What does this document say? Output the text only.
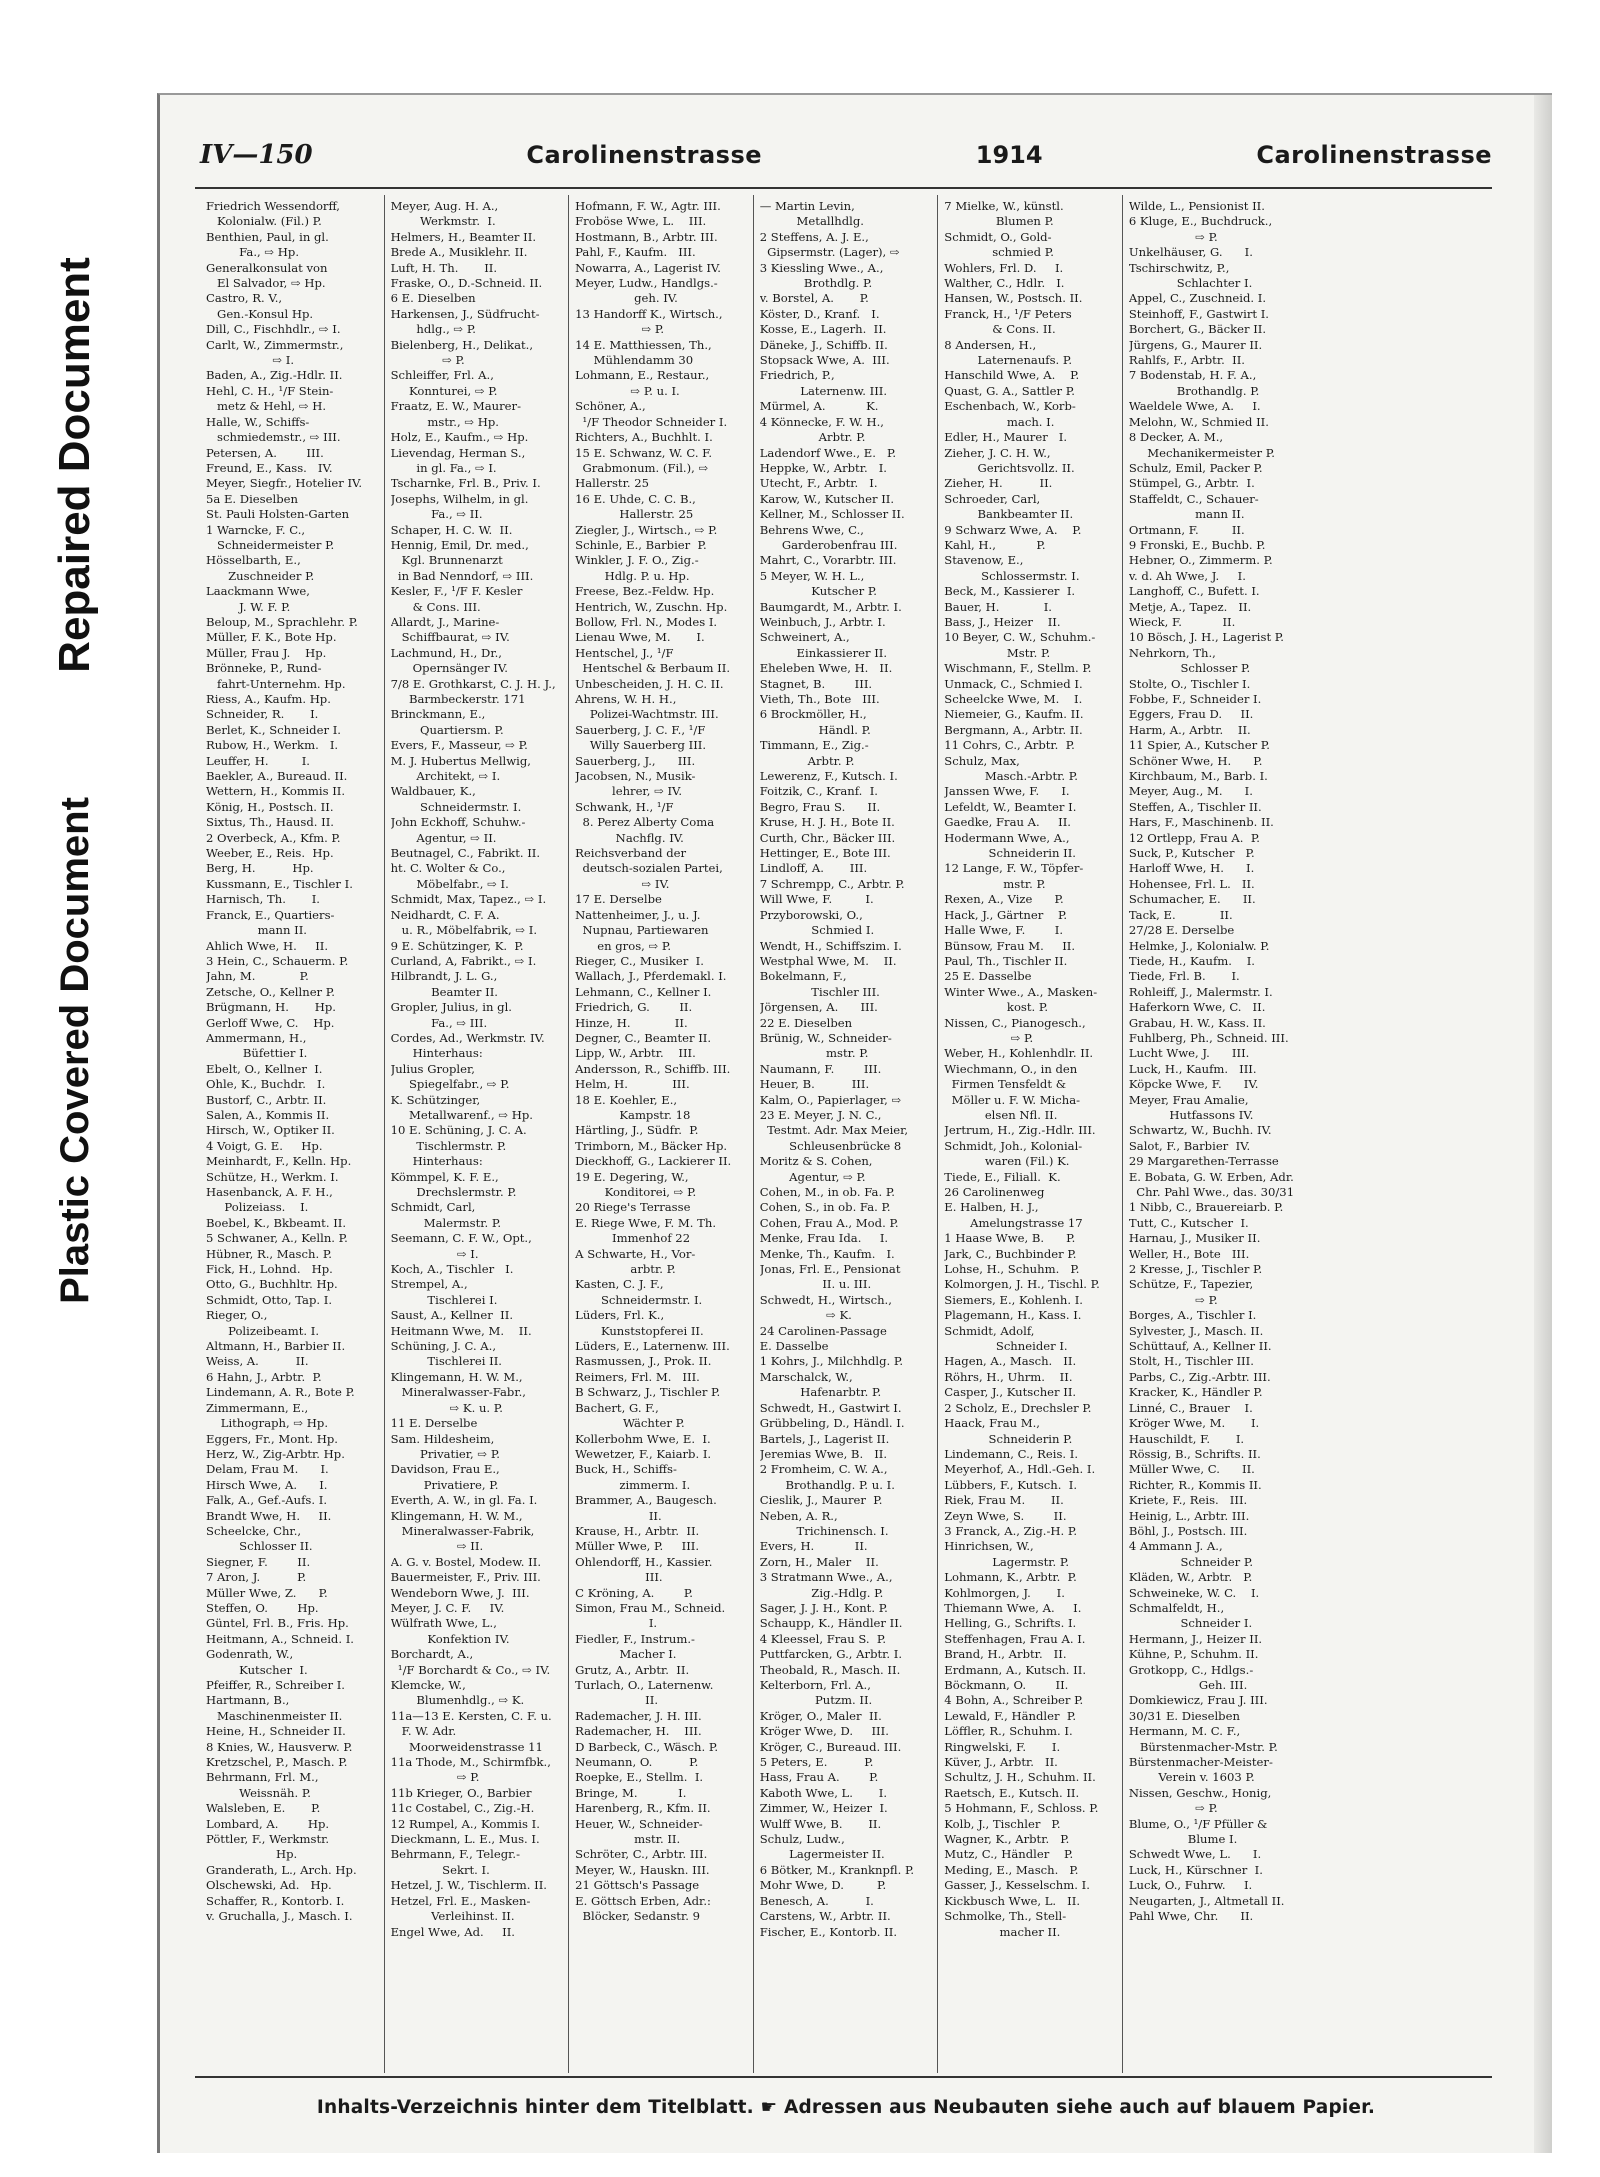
Repaired Document
Plastic Covered Document
IV—150	Carolinenstrasse	1914	Carolinenstrasse
Friedrich Wessendorff,
Kolonialw. (Fil.) P.
Benthien, Paul, in gl.
Fa., ⇨ Hp.
Generalkonsulat von
El Salvador, ⇨ Hp.
Castro, R. V.,
Gen.-Konsul Hp.
Dill, C., Fischhdlr., ⇨ I.
Carlt, W., Zimmermstr.,
⇨ I.
Baden, A., Zig.-Hdlr. II.
Hehl, C. H., ¹/F Stein-
metz & Hehl, ⇨ H.
Halle, W., Schiffs-
schmiedemstr., ⇨ III.
Petersen, A.        III.
Freund, E., Kass.   IV.
Meyer, Siegfr., Hotelier IV.
5a E. Dieselben
St. Pauli Holsten-Garten
1 Warncke, F. C.,
Schneidermeister P.
Hösselbarth, E.,
Zuschneider P.
Laackmann Wwe,
J. W. F. P.
Beloup, M., Sprachlehr. P.
Müller, F. K., Bote Hp.
Müller, Frau J.    Hp.
Brönneke, P., Rund-
fahrt-Unternehm. Hp.
Riess, A., Kaufm. Hp.
Schneider, R.       I.
Berlet, K., Schneider I.
Rubow, H., Werkm.   I.
Leuffer, H.         I.
Baekler, A., Bureaud. II.
Wettern, H., Kommis II.
König, H., Postsch. II.
Sixtus, Th., Hausd. II.
2 Overbeck, A., Kfm. P.
Weeber, E., Reis.  Hp.
Berg, H.          Hp.
Kussmann, E., Tischler I.
Harnisch, Th.       I.
Franck, E., Quartiers-
mann II.
Ahlich Wwe, H.     II.
3 Hein, C., Schauerm. P.
Jahn, M.            P.
Zetsche, O., Kellner P.
Brügmann, H.       Hp.
Gerloff Wwe, C.    Hp.
Ammermann, H.,
Büfettier I.
Ebelt, O., Kellner  I.
Ohle, K., Buchdr.   I.
Bustorf, C., Arbtr. II.
Salen, A., Kommis II.
Hirsch, W., Optiker II.
4 Voigt, G. E.     Hp.
Meinhardt, F., Kelln. Hp.
Schütze, H., Werkm. I.
Hasenbanck, A. F. H.,
Polizeiass.    I.
Boebel, K., Bkbeamt. II.
5 Schwaner, A., Kelln. P.
Hübner, R., Masch. P.
Fick, H., Lohnd.   Hp.
Otto, G., Buchhltr. Hp.
Schmidt, Otto, Tap. I.
Rieger, O.,
Polizeibeamt. I.
Altmann, H., Barbier II.
Weiss, A.          II.
6 Hahn, J., Arbtr.  P.
Lindemann, A. R., Bote P.
Zimmermann, E.,
Lithograph, ⇨ Hp.
Eggers, Fr., Mont. Hp.
Herz, W., Zig-Arbtr. Hp.
Delam, Frau M.      I.
Hirsch Wwe, A.      I.
Falk, A., Gef.-Aufs. I.
Brandt Wwe, H.     II.
Scheelcke, Chr.,
Schlosser II.
Siegner, F.        II.
7 Aron, J.          P.
Müller Wwe, Z.      P.
Steffen, O.        Hp.
Güntel, Frl. B., Fris. Hp.
Heitmann, A., Schneid. I.
Godenrath, W.,
Kutscher  I.
Pfeiffer, R., Schreiber I.
Hartmann, B.,
Maschinenmeister II.
Heine, H., Schneider II.
8 Knies, W., Hausverw. P.
Kretzschel, P., Masch. P.
Behrmann, Frl. M.,
Weissnäh. P.
Walsleben, E.       P.
Lombard, A.        Hp.
Pöttler, F., Werkmstr.
Hp.
Granderath, L., Arch. Hp.
Olschewski, Ad.   Hp.
Schaffer, R., Kontorb. I.
v. Gruchalla, J., Masch. I.
Meyer, Aug. H. A.,
Werkmstr.  I.
Helmers, H., Beamter II.
Brede A., Musiklehr. II.
Luft, H. Th.       II.
Fraske, O., D.-Schneid. II.
6 E. Dieselben
Harkensen, J., Südfrucht-
hdlg., ⇨ P.
Bielenberg, H., Delikat.,
⇨ P.
Schleiffer, Frl. A.,
Konnturei, ⇨ P.
Fraatz, E. W., Maurer-
mstr., ⇨ Hp.
Holz, E., Kaufm., ⇨ Hp.
Lievendag, Herman S.,
in gl. Fa., ⇨ I.
Tscharnke, Frl. B., Priv. I.
Josephs, Wilhelm, in gl.
Fa., ⇨ II.
Schaper, H. C. W.  II.
Hennig, Emil, Dr. med.,
Kgl. Brunnenarzt
in Bad Nenndorf, ⇨ III.
Kesler, F., ¹/F F. Kesler
& Cons. III.
Allardt, J., Marine-
Schiffbaurat, ⇨ IV.
Lachmund, H., Dr.,
Opernsänger IV.
7/8 E. Grothkarst, C. J. H. J.,
Barmbeckerstr. 171
Brinckmann, E.,
Quartiersm. P.
Evers, F., Masseur, ⇨ P.
M. J. Hubertus Mellwig,
Architekt, ⇨ I.
Waldbauer, K.,
Schneidermstr. I.
John Eckhoff, Schuhw.-
Agentur, ⇨ II.
Beutnagel, C., Fabrikt. II.
ht. C. Wolter & Co.,
Möbelfabr., ⇨ I.
Schmidt, Max, Tapez., ⇨ I.
Neidhardt, C. F. A.
u. R., Möbelfabrik, ⇨ I.
9 E. Schützinger, K.  P.
Curland, A, Fabrikt., ⇨ I.
Hilbrandt, J. L. G.,
Beamter II.
Gropler, Julius, in gl.
Fa., ⇨ III.
Cordes, Ad., Werkmstr. IV.
Hinterhaus:
Julius Gropler,
Spiegelfabr., ⇨ P.
K. Schützinger,
Metallwarenf., ⇨ Hp.
10 E. Schüning, J. C. A.
Tischlermstr. P.
Hinterhaus:
Kömmpel, K. F. E.,
Drechslermstr. P.
Schmidt, Carl,
Malermstr. P.
Seemann, C. F. W., Opt.,
⇨ I.
Koch, A., Tischler   I.
Strempel, A.,
Tischlerei I.
Saust, A., Kellner  II.
Heitmann Wwe, M.    II.
Schüning, J. C. A.,
Tischlerei II.
Klingemann, H. W. M.,
Mineralwasser-Fabr.,
⇨ K. u. P.
11 E. Derselbe
Sam. Hildesheim,
Privatier, ⇨ P.
Davidson, Frau E.,
Privatiere, P.
Everth, A. W., in gl. Fa. I.
Klingemann, H. W. M.,
Mineralwasser-Fabrik,
⇨ II.
A. G. v. Bostel, Modew. II.
Bauermeister, F., Priv. III.
Wendeborn Wwe, J.  III.
Meyer, J. C. F.     IV.
Wülfrath Wwe, L.,
Konfektion IV.
Borchardt, A.,
¹/F Borchardt & Co., ⇨ IV.
Klemcke, W.,
Blumenhdlg., ⇨ K.
11a—13 E. Kersten, C. F. u.
F. W. Adr.
Moorweidenstrasse 11
11a Thode, M., Schirmfbk.,
⇨ P.
11b Krieger, O., Barbier
11c Costabel, C., Zig.-H.
12 Rumpel, A., Kommis I.
Dieckmann, L. E., Mus. I.
Behrmann, F., Telegr.-
Sekrt. I.
Hetzel, J. W., Tischlerm. II.
Hetzel, Frl. E., Masken-
Verleihinst. II.
Engel Wwe, Ad.     II.
Hofmann, F. W., Agtr. III.
Froböse Wwe, L.    III.
Hostmann, B., Arbtr. III.
Pahl, F., Kaufm.   III.
Nowarra, A., Lagerist IV.
Meyer, Ludw., Handlgs.-
geh. IV.
13 Handorff K., Wirtsch.,
⇨ P.
14 E. Matthiessen, Th.,
Mühlendamm 30
Lohmann, E., Restaur.,
⇨ P. u. I.
Schöner, A.,
¹/F Theodor Schneider I.
Richters, A., Buchhlt. I.
15 E. Schwanz, W. C. F.
Grabmonum. (Fil.), ⇨
Hallerstr. 25
16 E. Uhde, C. C. B.,
Hallerstr. 25
Ziegler, J., Wirtsch., ⇨ P.
Schinle, E., Barbier  P.
Winkler, J. F. O., Zig.-
Hdlg. P. u. Hp.
Freese, Bez.-Feldw. Hp.
Hentrich, W., Zuschn. Hp.
Bollow, Frl. N., Modes I.
Lienau Wwe, M.       I.
Hentschel, J., ¹/F
Hentschel & Berbaum II.
Unbescheiden, J. H. C. II.
Ahrens, W. H. H.,
Polizei-Wachtmstr. III.
Sauerberg, J. C. F., ¹/F
Willy Sauerberg III.
Sauerberg, J.,      III.
Jacobsen, N., Musik-
lehrer, ⇨ IV.
Schwank, H., ¹/F
8. Perez Alberty Coma
Nachflg. IV.
Reichsverband der
deutsch-sozialen Partei,
⇨ IV.
17 E. Derselbe
Nattenheimer, J., u. J.
Nupnau, Partiewaren
en gros, ⇨ P.
Rieger, C., Musiker  I.
Wallach, J., Pferdemakl. I.
Lehmann, C., Kellner I.
Friedrich, G.        II.
Hinze, H.            II.
Degner, C., Beamter II.
Lipp, W., Arbtr.    III.
Andersson, R., Schiffb. III.
Helm, H.            III.
18 E. Koehler, E.,
Kampstr. 18
Härtling, J., Südfr.  P.
Trimborn, M., Bäcker Hp.
Dieckhoff, G., Lackierer II.
19 E. Degering, W.,
Konditorei, ⇨ P.
20 Riege's Terrasse
E. Riege Wwe, F. M. Th.
Immenhof 22
A Schwarte, H., Vor-
arbtr. P.
Kasten, C. J. F.,
Schneidermstr. I.
Lüders, Frl. K.,
Kunststopferei II.
Lüders, E., Laternenw. III.
Rasmussen, J., Prok. II.
Reimers, Frl. M.   III.
B Schwarz, J., Tischler P.
Bachert, G. F.,
Wächter P.
Kollerbohm Wwe, E.  I.
Wewetzer, F., Kaiarb. I.
Buck, H., Schiffs-
zimmerm. I.
Brammer, A., Baugesch.
II.
Krause, H., Arbtr.  II.
Müller Wwe, P.     III.
Ohlendorff, H., Kassier.
III.
C Kröning, A.        P.
Simon, Frau M., Schneid.
I.
Fiedler, F., Instrum.-
Macher I.
Grutz, A., Arbtr.  II.
Turlach, O., Laternenw.
II.
Rademacher, J. H. III.
Rademacher, H.    III.
D Barbeck, C., Wäsch. P.
Neumann, O.          P.
Roepke, E., Stellm.  I.
Bringe, M.           I.
Harenberg, R., Kfm. II.
Heuer, W., Schneider-
mstr. II.
Schröter, C., Arbtr. III.
Meyer, W., Hauskn. III.
21 Göttsch's Passage
E. Göttsch Erben, Adr.:
Blöcker, Sedanstr. 9
— Martin Levin,
Metallhdlg.
2 Steffens, A. J. E.,
Gipsermstr. (Lager), ⇨
3 Kiessling Wwe., A.,
Brothdlg. P.
v. Borstel, A.       P.
Köster, D., Kranf.   I.
Kosse, E., Lagerh.  II.
Däneke, J., Schiffb. II.
Stopsack Wwe, A.  III.
Friedrich, P.,
Laternenw. III.
Mürmel, A.           K.
4 Könnecke, F. W. H.,
Arbtr. P.
Ladendorf Wwe., E.   P.
Heppke, W., Arbtr.   I.
Utecht, F., Arbtr.   I.
Karow, W., Kutscher II.
Kellner, M., Schlosser II.
Behrens Wwe, C.,
Garderobenfrau III.
Mahrt, C., Vorarbtr. III.
5 Meyer, W. H. L.,
Kutscher P.
Baumgardt, M., Arbtr. I.
Weinbuch, J., Arbtr. I.
Schweinert, A.,
Einkassierer II.
Eheleben Wwe, H.   II.
Stagnet, B.        III.
Vieth, Th., Bote   III.
6 Brockmöller, H.,
Händl. P.
Timmann, E., Zig.-
Arbtr. P.
Lewerenz, F., Kutsch. I.
Foitzik, C., Kranf.  I.
Begro, Frau S.      II.
Kruse, H. J. H., Bote II.
Curth, Chr., Bäcker III.
Hettinger, E., Bote III.
Lindloff, A.       III.
7 Schrempp, C., Arbtr. P.
Will Wwe, F.         I.
Przyborowski, O.,
Schmied I.
Wendt, H., Schiffszim. I.
Westphal Wwe, M.    II.
Bokelmann, F.,
Tischler III.
Jörgensen, A.      III.
22 E. Dieselben
Brünig, W., Schneider-
mstr. P.
Naumann, F.        III.
Heuer, B.          III.
Kalm, O., Papierlager, ⇨
23 E. Meyer, J. N. C.,
Testmt. Adr. Max Meier,
Schleusenbrücke 8
Moritz & S. Cohen,
Agentur, ⇨ P.
Cohen, M., in ob. Fa. P.
Cohen, S., in ob. Fa. P.
Cohen, Frau A., Mod. P.
Menke, Frau Ida.     I.
Menke, Th., Kaufm.   I.
Jonas, Frl. E., Pensionat
II. u. III.
Schwedt, H., Wirtsch.,
⇨ K.
24 Carolinen-Passage
E. Dasselbe
1 Kohrs, J., Milchhdlg. P.
Marschalck, W.,
Hafenarbtr. P.
Schwedt, H., Gastwirt I.
Grübbeling, D., Händl. I.
Bartels, J., Lagerist II.
Jeremias Wwe, B.   II.
2 Fromheim, C. W. A.,
Brothandlg. P. u. I.
Cieslik, J., Maurer  P.
Neben, A. R.,
Trichinensch. I.
Evers, H.           II.
Zorn, H., Maler    II.
3 Stratmann Wwe., A.,
Zig.-Hdlg. P.
Sager, J. J. H., Kont. P.
Schaupp, K., Händler II.
4 Kleessel, Frau S.  P.
Puttfarcken, G., Arbtr. I.
Theobald, R., Masch. II.
Kelterborn, Frl. A.,
Putzm. II.
Kröger, O., Maler  II.
Kröger Wwe, D.     III.
Kröger, C., Bureaud. III.
5 Peters, E.          P.
Hass, Frau A.        P.
Kaboth Wwe, L.       I.
Zimmer, W., Heizer  I.
Wulff Wwe, B.       II.
Schulz, Ludw.,
Lagermeister II.
6 Bötker, M., Kranknpfl. P.
Mohr Wwe, D.         P.
Benesch, A.          I.
Carstens, W., Arbtr. II.
Fischer, E., Kontorb. II.
7 Mielke, W., künstl.
Blumen P.
Schmidt, O., Gold-
schmied P.
Wohlers, Frl. D.     I.
Walther, C., Hdlr.   I.
Hansen, W., Postsch. II.
Franck, H., ¹/F Peters
& Cons. II.
8 Andersen, H.,
Laternenaufs. P.
Hanschild Wwe, A.    P.
Quast, G. A., Sattler P.
Eschenbach, W., Korb-
mach. I.
Edler, H., Maurer   I.
Zieher, J. C. H. W.,
Gerichtsvollz. II.
Zieher, H.          II.
Schroeder, Carl,
Bankbeamter II.
9 Schwarz Wwe, A.    P.
Kahl, H.,           P.
Stavenow, E.,
Schlossermstr. I.
Beck, M., Kassierer  I.
Bauer, H.            I.
Bass, J., Heizer    II.
10 Beyer, C. W., Schuhm.-
Mstr. P.
Wischmann, F., Stellm. P.
Unmack, C., Schmied I.
Scheelcke Wwe, M.    I.
Niemeier, G., Kaufm. II.
Bergmann, A., Arbtr. II.
11 Cohrs, C., Arbtr.  P.
Schulz, Max,
Masch.-Arbtr. P.
Janssen Wwe, F.      I.
Lefeldt, W., Beamter I.
Gaedke, Frau A.     II.
Hodermann Wwe, A.,
Schneiderin II.
12 Lange, F. W., Töpfer-
mstr. P.
Rexen, A., Vize      P.
Hack, J., Gärtner    P.
Halle Wwe, F.        I.
Bünsow, Frau M.     II.
Paul, Th., Tischler II.
25 E. Dasselbe
Winter Wwe., A., Masken-
kost. P.
Nissen, C., Pianogesch.,
⇨ P.
Weber, H., Kohlenhdlr. II.
Wiechmann, O., in den
Firmen Tensfeldt &
Möller u. F. W. Micha-
elsen Nfl. II.
Jertrum, H., Zig.-Hdlr. III.
Schmidt, Joh., Kolonial-
waren (Fil.) K.
Tiede, E., Filiall.  K.
26 Carolinenweg
E. Halben, H. J.,
Amelungstrasse 17
1 Haase Wwe, B.      P.
Jark, C., Buchbinder P.
Lohse, H., Schuhm.   P.
Kolmorgen, J. H., Tischl. P.
Siemers, E., Kohlenh. I.
Plagemann, H., Kass. I.
Schmidt, Adolf,
Schneider I.
Hagen, A., Masch.   II.
Röhrs, H., Uhrm.    II.
Casper, J., Kutscher II.
2 Scholz, E., Drechsler P.
Haack, Frau M.,
Schneiderin P.
Lindemann, C., Reis. I.
Meyerhof, A., Hdl.-Geh. I.
Lübbers, F., Kutsch.  I.
Riek, Frau M.       II.
Zeyn Wwe, S.        II.
3 Franck, A., Zig.-H. P.
Hinrichsen, W.,
Lagermstr. P.
Lohmann, K., Arbtr.  P.
Kohlmorgen, J.       I.
Thiemann Wwe, A.     I.
Helling, G., Schrifts. I.
Steffenhagen, Frau A. I.
Brand, H., Arbtr.   II.
Erdmann, A., Kutsch. II.
Böckmann, O.        II.
4 Bohn, A., Schreiber P.
Lewald, F., Händler  P.
Löffler, R., Schuhm. I.
Ringwelski, F.       I.
Küver, J., Arbtr.   II.
Schultz, J. H., Schuhm. II.
Raetsch, E., Kutsch. II.
5 Hohmann, F., Schloss. P.
Kolb, J., Tischler   P.
Wagner, K., Arbtr.   P.
Mutz, C., Händler    P.
Meding, E., Masch.   P.
Gasser, J., Kesselschm. I.
Kickbusch Wwe, L.   II.
Schmolke, Th., Stell-
macher II.
Wilde, L., Pensionist II.
6 Kluge, E., Buchdruck.,
⇨ P.
Unkelhäuser, G.      I.
Tschirschwitz, P.,
Schlachter I.
Appel, C., Zuschneid. I.
Steinhoff, F., Gastwirt I.
Borchert, G., Bäcker II.
Jürgens, G., Maurer II.
Rahlfs, F., Arbtr.  II.
7 Bodenstab, H. F. A.,
Brothandlg. P.
Waeldele Wwe, A.     I.
Melohn, W., Schmied II.
8 Decker, A. M.,
Mechanikermeister P.
Schulz, Emil, Packer P.
Stümpel, G., Arbtr.  I.
Staffeldt, C., Schauer-
mann II.
Ortmann, F.         II.
9 Fronski, E., Buchb. P.
Hebner, O., Zimmerm. P.
v. d. Ah Wwe, J.     I.
Langhoff, C., Bufett. I.
Metje, A., Tapez.   II.
Wieck, F.           II.
10 Bösch, J. H., Lagerist P.
Nehrkorn, Th.,
Schlosser P.
Stolte, O., Tischler I.
Fobbe, F., Schneider I.
Eggers, Frau D.     II.
Harm, A., Arbtr.    II.
11 Spier, A., Kutscher P.
Schöner Wwe, H.      P.
Kirchbaum, M., Barb. I.
Meyer, Aug., M.      I.
Steffen, A., Tischler II.
Hars, F., Maschinenb. II.
12 Ortlepp, Frau A.  P.
Suck, P., Kutscher   P.
Harloff Wwe, H.      I.
Hohensee, Frl. L.   II.
Schumacher, E.      II.
Tack, E.            II.
27/28 E. Derselbe
Helmke, J., Kolonialw. P.
Tiede, H., Kaufm.    I.
Tiede, Frl. B.       I.
Rohleiff, J., Malermstr. I.
Haferkorn Wwe, C.   II.
Grabau, H. W., Kass. II.
Fuhlberg, Ph., Schneid. III.
Lucht Wwe, J.      III.
Luck, H., Kaufm.   III.
Köpcke Wwe, F.      IV.
Meyer, Frau Amalie,
Hutfassons IV.
Schwartz, W., Buchh. IV.
Salot, F., Barbier  IV.
29 Margarethen-Terrasse
E. Bobata, G. W. Erben, Adr.
Chr. Pahl Wwe., das. 30/31
1 Nibb, C., Brauereiarb. P.
Tutt, C., Kutscher  I.
Harnau, J., Musiker II.
Weller, H., Bote   III.
2 Kresse, J., Tischler P.
Schütze, F., Tapezier,
⇨ P.
Borges, A., Tischler I.
Sylvester, J., Masch. II.
Schüttauf, A., Kellner II.
Stolt, H., Tischler III.
Parbs, C., Zig.-Arbtr. III.
Kracker, K., Händler P.
Linné, C., Brauer    I.
Kröger Wwe, M.       I.
Hauschildt, F.       I.
Rössig, B., Schrifts. II.
Müller Wwe, C.      II.
Richter, R., Kommis II.
Kriete, F., Reis.   III.
Heinig, L., Arbtr. III.
Böhl, J., Postsch. III.
4 Ammann J. A.,
Schneider P.
Kläden, W., Arbtr.   P.
Schweineke, W. C.    I.
Schmalfeldt, H.,
Schneider I.
Hermann, J., Heizer II.
Kühne, P., Schuhm. II.
Grotkopp, C., Hdlgs.-
Geh. III.
Domkiewicz, Frau J. III.
30/31 E. Dieselben
Hermann, M. C. F.,
Bürstenmacher-Mstr. P.
Bürstenmacher-Meister-
Verein v. 1603 P.
Nissen, Geschw., Honig,
⇨ P.
Blume, O., ¹/F Pfüller &
Blume I.
Schwedt Wwe, L.      I.
Luck, H., Kürschner  I.
Luck, O., Fuhrw.     I.
Neugarten, J., Altmetall II.
Pahl Wwe, Chr.      II.
Inhalts-Verzeichnis hinter dem Titelblatt. ☛ Adressen aus Neubauten siehe auch auf blauem Papier.
